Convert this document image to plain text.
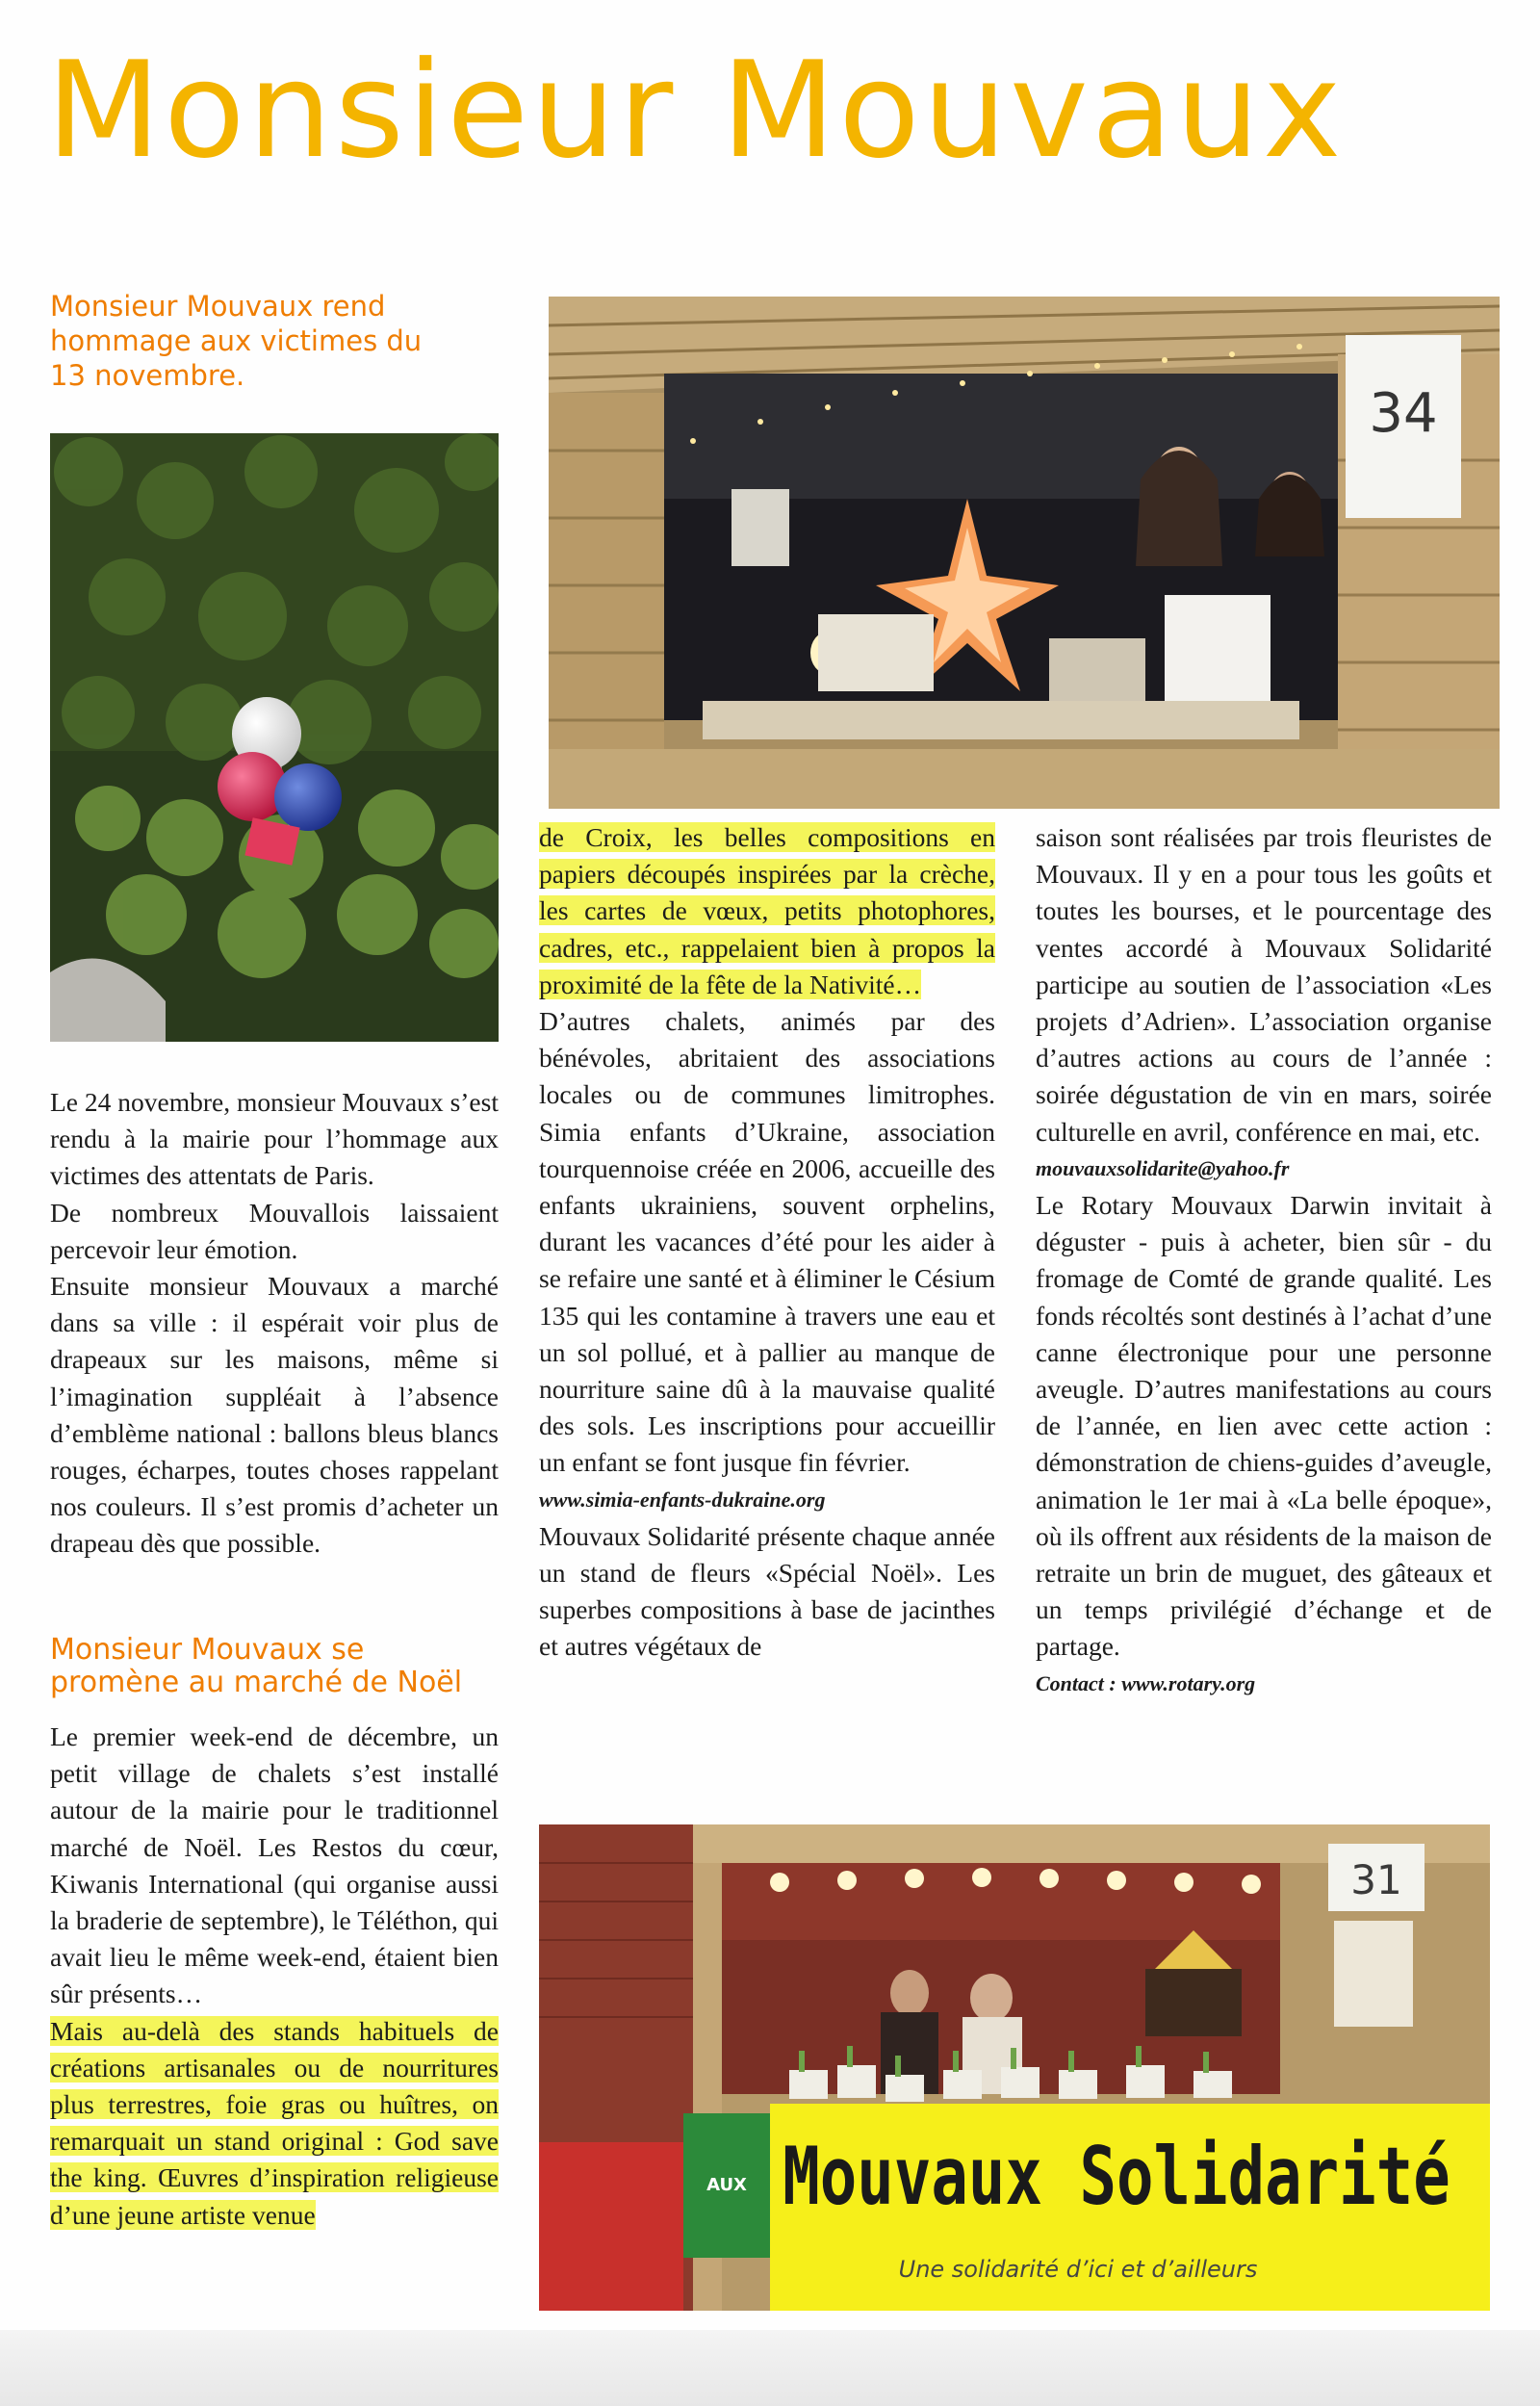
Monsieur Mouvaux
Monsieur Mouvaux rend hommage aux victimes du 13 novembre.

Le 24 novembre, monsieur Mouvaux s’est rendu à la mairie pour l’hommage aux victimes des attentats de Paris.

De nombreux Mouvallois laissaient percevoir leur émotion.

Ensuite monsieur Mouvaux a marché dans sa ville : il espérait voir plus de drapeaux sur les maisons, même si l’imagination suppléait à l’absence d’emblème national : ballons bleus blancs rouges, écharpes, toutes choses rappelant nos couleurs. Il s’est promis d’acheter un drapeau dès que possible.

Monsieur Mouvaux se promène au marché de Noël

Le premier week-end de décembre, un petit village de chalets s’est installé autour de la mairie pour le traditionnel marché de Noël. Les Restos du cœur, Kiwanis International (qui organise aussi la braderie de septembre), le Téléthon, qui avait lieu le même week-end, étaient bien sûr présents…

Mais au-delà des stands habituels de créations artisanales ou de nourritures plus terrestres, foie gras ou huîtres, on remarquait un stand original : God save the king. Œuvres d’inspiration religieuse d’une jeune artiste venue

34

de Croix, les belles compositions en papiers découpés inspirées par la crèche, les cartes de vœux, petits photophores, cadres, etc., rappelaient bien à propos la proximité de la fête de la Nativité…

D’autres chalets, animés par des bénévoles, abritaient des associations locales ou de communes limitrophes. Simia enfants d’Ukraine, association tourquennoise créée en 2006, accueille des enfants ukrainiens, souvent orphelins, durant les vacances d’été pour les aider à se refaire une santé et à éliminer le Césium 135 qui les contamine à travers une eau et un sol pollué, et à pallier au manque de nourriture saine dû à la mauvaise qualité des sols. Les inscriptions pour accueillir un enfant se font jusque fin février.

www.simia-enfants-dukraine.org

Mouvaux Solidarité présente chaque année un stand de fleurs «Spécial Noël». Les superbes compositions à base de jacinthes et autres végétaux de

saison sont réalisées par trois fleuristes de Mouvaux. Il y en a pour tous les goûts et toutes les bourses, et le pourcentage des ventes accordé à Mouvaux Solidarité participe au soutien de l’association «Les projets d’Adrien». L’association organise d’autres actions au cours de l’année : soirée dégustation de vin en mars, soirée culturelle en avril, conférence en mai, etc.

mouvauxsolidarite@yahoo.fr

Le Rotary Mouvaux Darwin invitait à déguster - puis à acheter, bien sûr - du fromage de Comté de grande qualité. Les fonds récoltés sont destinés à l’achat d’une canne électronique pour une personne aveugle. D’autres manifestations au cours de l’année, en lien avec cette action : démonstration de chiens-guides d’aveugle, animation le 1er mai à «La belle époque», où ils offrent aux résidents de la maison de retraite un brin de muguet, des gâteaux et un temps privilégié d’échange et de partage.

Contact : www.rotary.org

31
AUX Mouvaux Solidarité
Une solidarité d’ici et d’ailleurs
